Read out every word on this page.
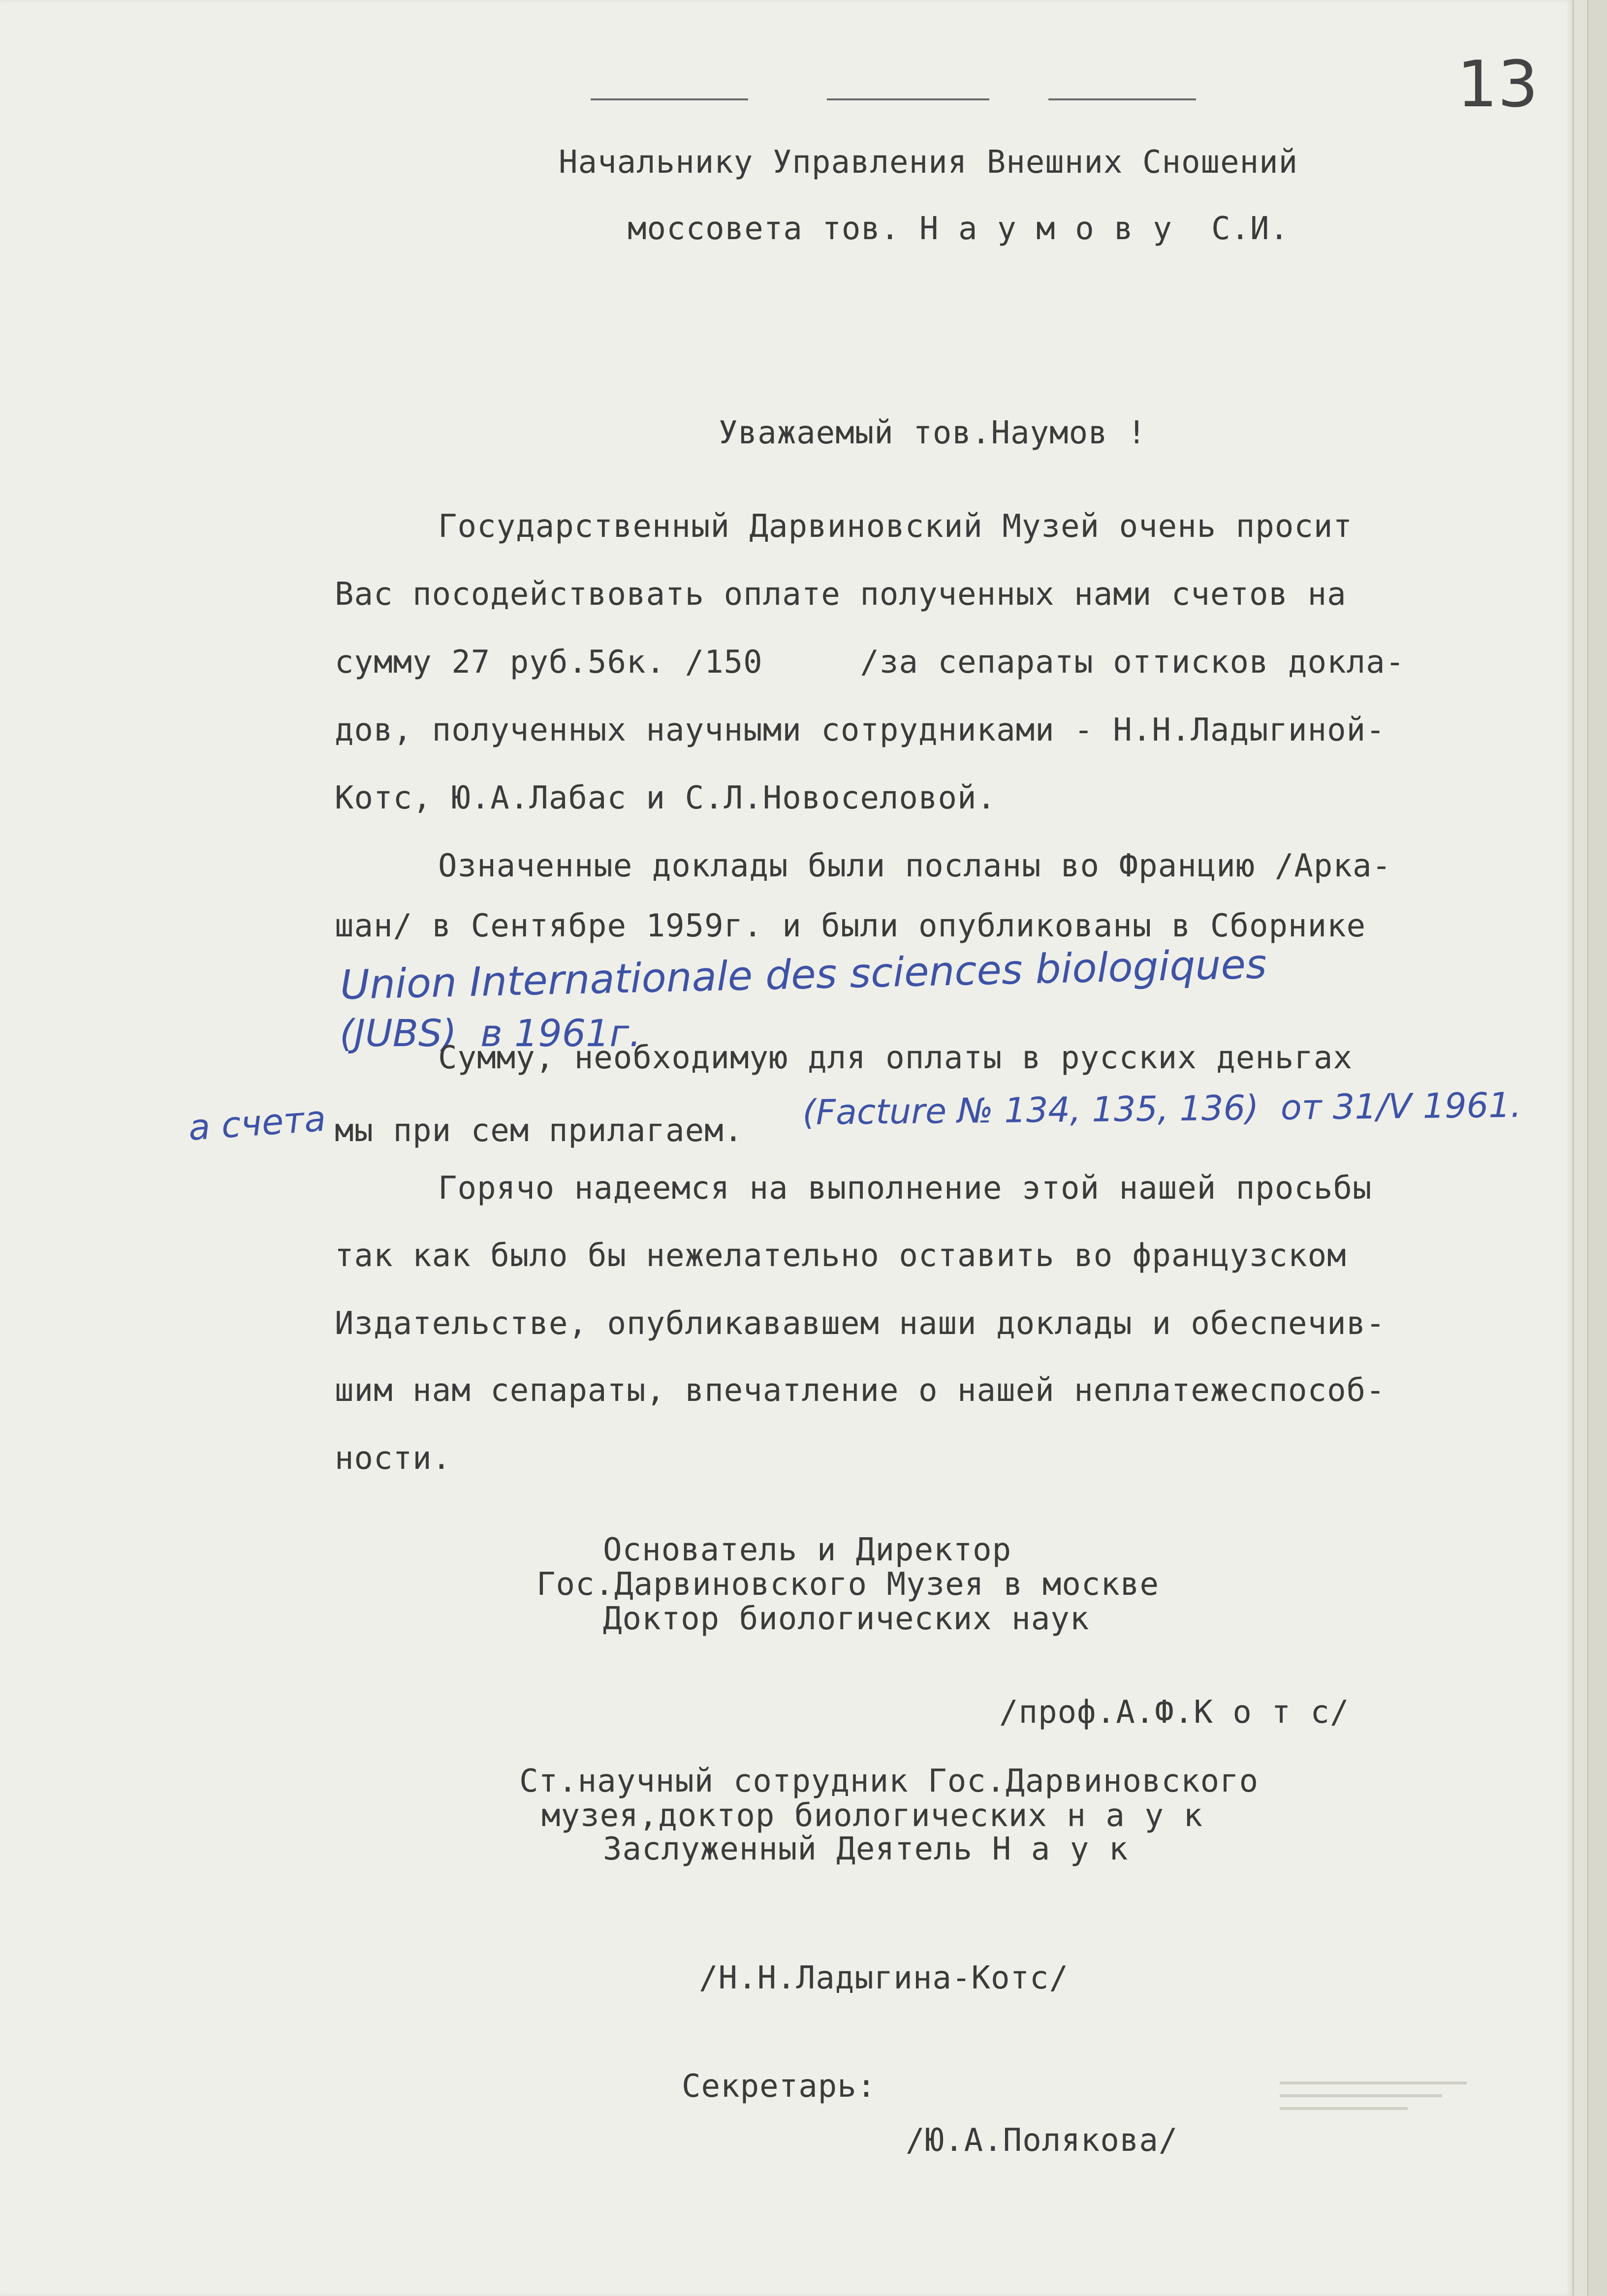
13
Начальнику Управления Внешних Сношений
моссовета тов. Н а у м о в у  С.И.
Уважаемый тов.Наумов !
Государственный Дарвиновский Музей очень просит
Вас посодействовать оплате полученных нами счетов на
сумму 27 руб.56к. /150     /за сепараты оттисков докла-
дов, полученных научными сотрудниками - Н.Н.Ладыгиной-
Котс, Ю.А.Лабас и С.Л.Новоселовой.
Означенные доклады были посланы во Францию /Арка-
шан/ в Сентябре 1959г. и были опубликованы в Сборнике
Union Internationale des sciences biologiques
(JUBS)  в 1961г.
Сумму, необходимую для оплаты в русских деньгах
а счета мы при сем прилагаем. (Facture № 134, 135, 136)  от 31/V 1961.
Горячо надеемся на выполнение этой нашей просьбы
так как было бы нежелательно оставить во французском
Издательстве, опубликававшем наши доклады и обеспечив-
шим нам сепараты, впечатление о нашей неплатежеспособ-
ности.
Основатель и Директор
Гос.Дарвиновского Музея в москве
Доктор биологических наук
/проф.А.Ф.К о т с/
Ст.научный сотрудник Гос.Дарвиновского
музея,доктор биологических н а у к
Заслуженный Деятель Н а у к
/Н.Н.Ладыгина-Котс/
Секретарь:
/Ю.А.Полякова/
